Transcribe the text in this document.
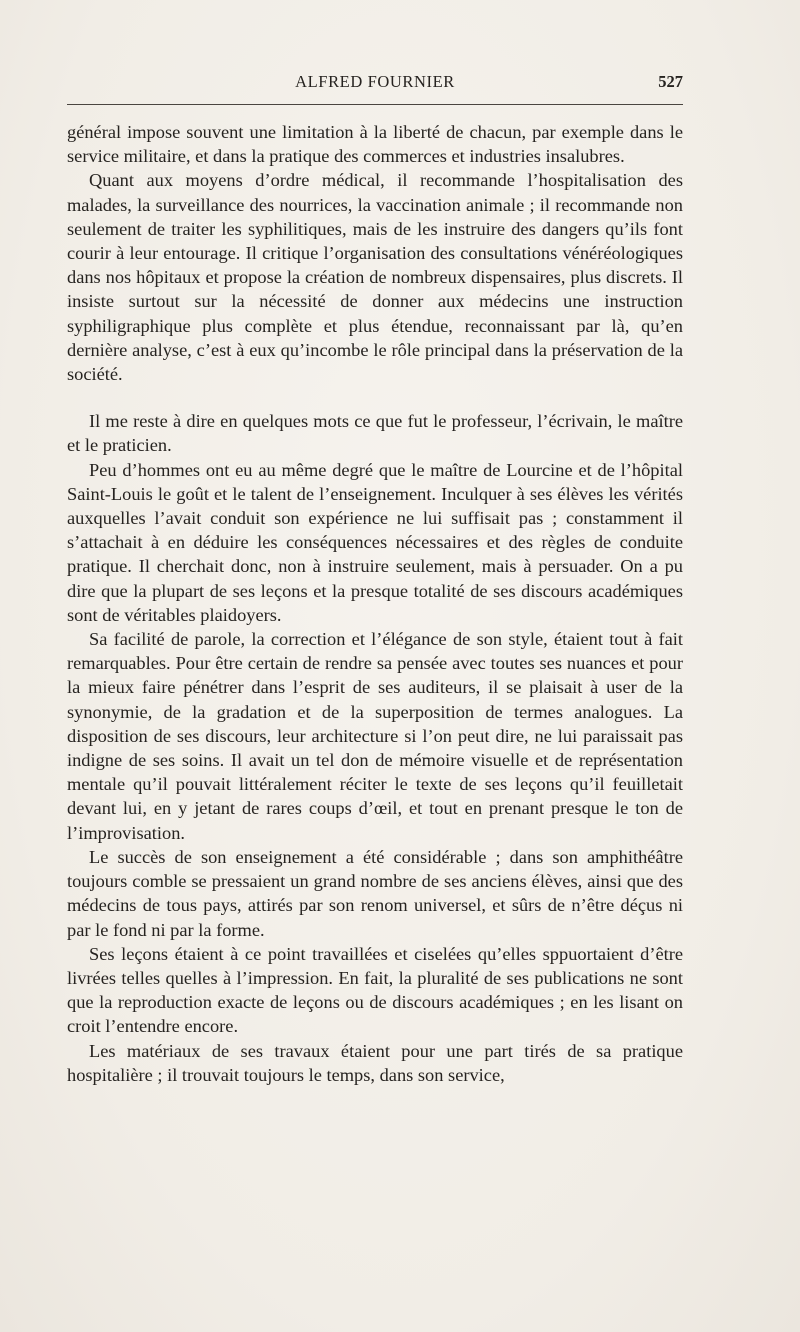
ALFRED FOURNIER	527

général impose souvent une limitation à la liberté de chacun, par exemple dans le service militaire, et dans la pratique des commerces et industries insalubres.

Quant aux moyens d’ordre médical, il recommande l’hospitalisation des malades, la surveillance des nourrices, la vaccination animale ; il recommande non seulement de traiter les syphilitiques, mais de les instruire des dangers qu’ils font courir à leur entourage. Il critique l’organisation des consultations vénéréologiques dans nos hôpitaux et propose la création de nombreux dispensaires, plus discrets. Il insiste surtout sur la nécessité de donner aux médecins une instruction syphiligraphique plus complète et plus étendue, reconnaissant par là, qu’en dernière analyse, c’est à eux qu’incombe le rôle principal dans la préservation de la société.

Il me reste à dire en quelques mots ce que fut le professeur, l’écrivain, le maître et le praticien.

Peu d’hommes ont eu au même degré que le maître de Lourcine et de l’hôpital Saint-Louis le goût et le talent de l’enseignement. Inculquer à ses élèves les vérités auxquelles l’avait conduit son expérience ne lui suffisait pas ; constamment il s’attachait à en déduire les conséquences nécessaires et des règles de conduite pratique. Il cherchait donc, non à instruire seulement, mais à persuader. On a pu dire que la plupart de ses leçons et la presque totalité de ses discours académiques sont de véritables plaidoyers.

Sa facilité de parole, la correction et l’élégance de son style, étaient tout à fait remarquables. Pour être certain de rendre sa pensée avec toutes ses nuances et pour la mieux faire pénétrer dans l’esprit de ses auditeurs, il se plaisait à user de la synonymie, de la gradation et de la superposition de termes analogues. La disposition de ses discours, leur architecture si l’on peut dire, ne lui paraissait pas indigne de ses soins. Il avait un tel don de mémoire visuelle et de représentation mentale qu’il pouvait littéralement réciter le texte de ses leçons qu’il feuilletait devant lui, en y jetant de rares coups d’œil, et tout en prenant presque le ton de l’improvisation.

Le succès de son enseignement a été considérable ; dans son amphithéâtre toujours comble se pressaient un grand nombre de ses anciens élèves, ainsi que des médecins de tous pays, attirés par son renom universel, et sûrs de n’être déçus ni par le fond ni par la forme.

Ses leçons étaient à ce point travaillées et ciselées qu’elles sppuortaient d’être livrées telles quelles à l’impression. En fait, la pluralité de ses publications ne sont que la reproduction exacte de leçons ou de discours académiques ; en les lisant on croit l’entendre encore.

Les matériaux de ses travaux étaient pour une part tirés de sa pratique hospitalière ; il trouvait toujours le temps, dans son service,
